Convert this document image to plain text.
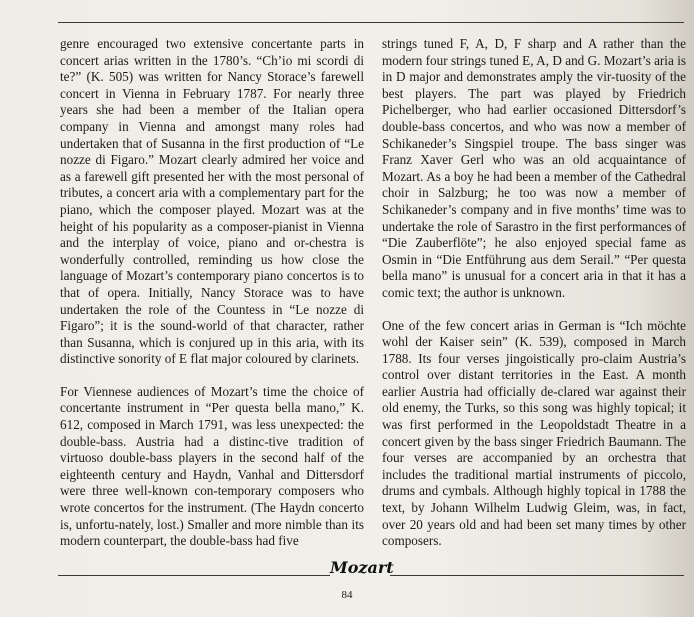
genre encouraged two extensive concertante parts in concert arias written in the 1780’s. “Ch’io mi scordi di te?” (K. 505) was written for Nancy Storace’s farewell concert in Vienna in February 1787. For nearly three years she had been a member of the Italian opera company in Vienna and amongst many roles had undertaken that of Susanna in the first production of “Le nozze di Figaro.” Mozart clearly admired her voice and as a farewell gift presented her with the most personal of tributes, a concert aria with a complementary part for the piano, which the composer played. Mozart was at the height of his popularity as a composer-pianist in Vienna and the interplay of voice, piano and or-chestra is wonderfully controlled, reminding us how close the language of Mozart’s contemporary piano concertos is to that of opera. Initially, Nancy Storace was to have undertaken the role of the Countess in “Le nozze di Figaro”; it is the sound-world of that character, rather than Susanna, which is conjured up in this aria, with its distinctive sonority of E flat major coloured by clarinets.

For Viennese audiences of Mozart’s time the choice of concertante instrument in “Per questa bella mano,” K. 612, composed in March 1791, was less unexpected: the double-bass. Austria had a distinc-tive tradition of virtuoso double-bass players in the second half of the eighteenth century and Haydn, Vanhal and Dittersdorf were three well-known con-temporary composers who wrote concertos for the instrument. (The Haydn concerto is, unfortu-nately, lost.) Smaller and more nimble than its modern counterpart, the double-bass had five

strings tuned F, A, D, F sharp and A rather than the modern four strings tuned E, A, D and G. Mozart’s aria is in D major and demonstrates amply the vir-tuosity of the best players. The part was played by Friedrich Pichelberger, who had earlier occasioned Dittersdorf’s double-bass concertos, and who was now a member of Schikaneder’s Singspiel troupe. The bass singer was Franz Xaver Gerl who was an old acquaintance of Mozart. As a boy he had been a member of the Cathedral choir in Salzburg; he too was now a member of Schikaneder’s company and in five months’ time was to undertake the role of Sarastro in the first performances of “Die Zauberflöte”; he also enjoyed special fame as Osmin in “Die Entführung aus dem Serail.” “Per questa bella mano” is unusual for a concert aria in that it has a comic text; the author is unknown.

One of the few concert arias in German is “Ich möchte wohl der Kaiser sein” (K. 539), composed in March 1788. Its four verses jingoistically pro-claim Austria’s control over distant territories in the East. A month earlier Austria had officially de-clared war against their old enemy, the Turks, so this song was highly topical; it was first performed in the Leopoldstadt Theatre in a concert given by the bass singer Friedrich Baumann. The four verses are accompanied by an orchestra that includes the traditional martial instruments of piccolo, drums and cymbals. Although highly topical in 1788 the text, by Johann Wilhelm Ludwig Gleim, was, in fact, over 20 years old and had been set many times by other composers.

Mozart
84
